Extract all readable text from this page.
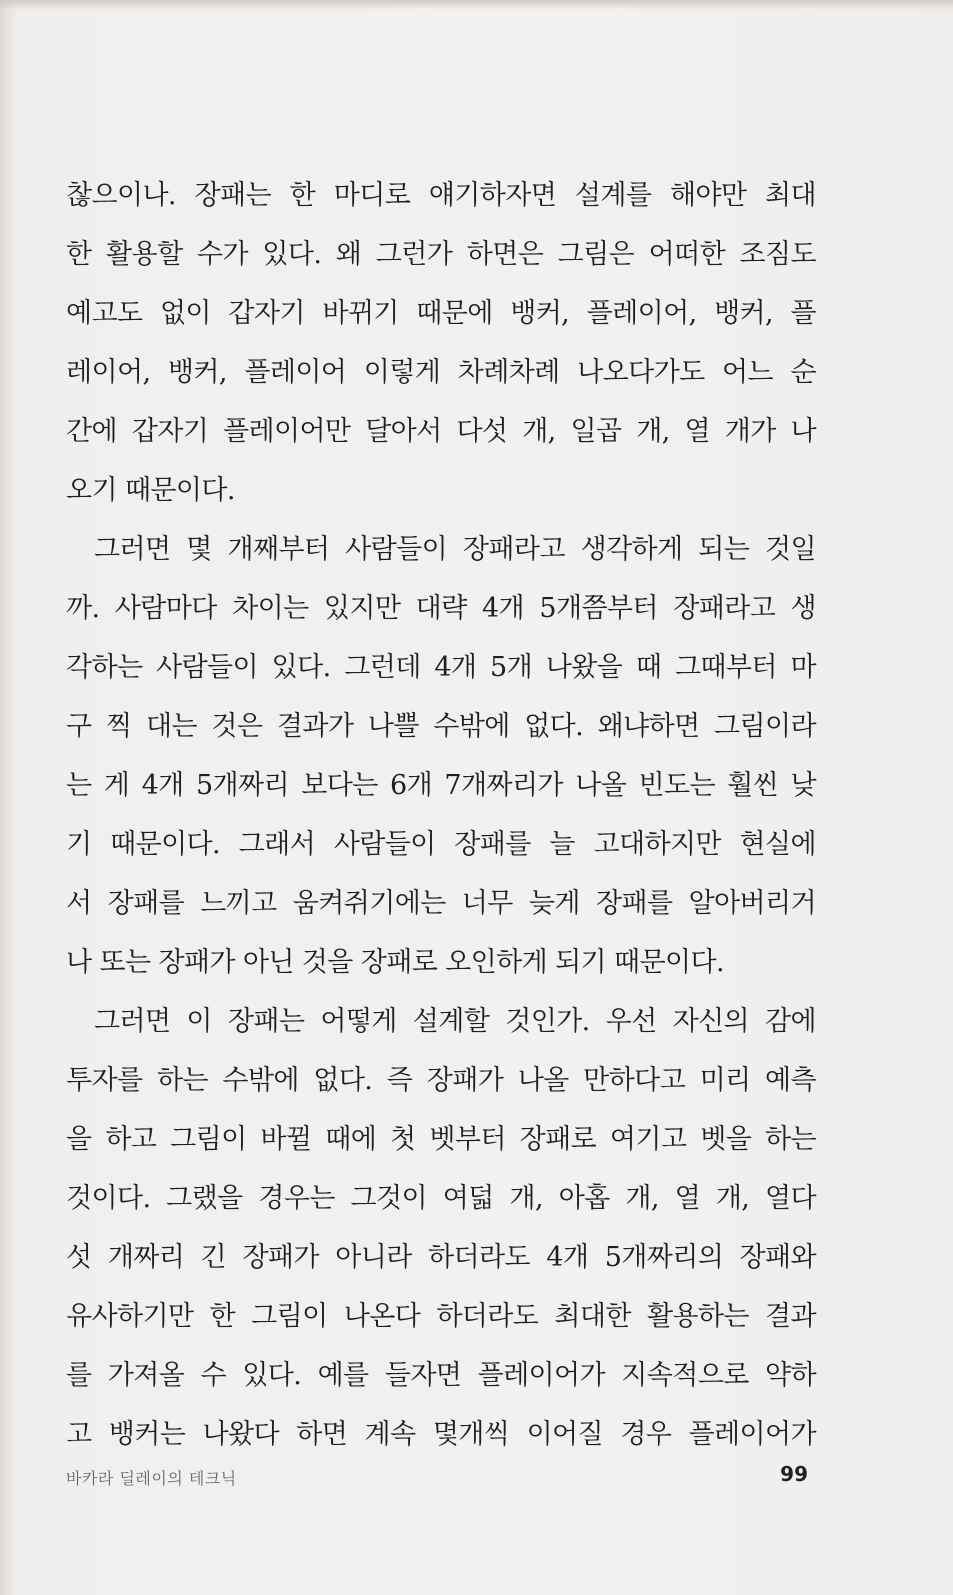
찮으이나. 장패는 한 마디로 얘기하자면 설계를 해야만 최대
한 활용할 수가 있다. 왜 그런가 하면은 그림은 어떠한 조짐도
예고도 없이 갑자기 바뀌기 때문에 뱅커, 플레이어, 뱅커, 플
레이어, 뱅커, 플레이어 이렇게 차례차례 나오다가도 어느 순
간에 갑자기 플레이어만 달아서 다섯 개, 일곱 개, 열 개가 나
오기 때문이다.
그러면 몇 개째부터 사람들이 장패라고 생각하게 되는 것일
까. 사람마다 차이는 있지만 대략 4개 5개쯤부터 장패라고 생
각하는 사람들이 있다. 그런데 4개 5개 나왔을 때 그때부터 마
구 찍 대는 것은 결과가 나쁠 수밖에 없다. 왜냐하면 그림이라
는 게 4개 5개짜리 보다는 6개 7개짜리가 나올 빈도는 훨씬 낮
기 때문이다. 그래서 사람들이 장패를 늘 고대하지만 현실에
서 장패를 느끼고 움켜쥐기에는 너무 늦게 장패를 알아버리거
나 또는 장패가 아닌 것을 장패로 오인하게 되기 때문이다.
그러면 이 장패는 어떻게 설계할 것인가. 우선 자신의 감에
투자를 하는 수밖에 없다. 즉 장패가 나올 만하다고 미리 예측
을 하고 그림이 바뀔 때에 첫 벳부터 장패로 여기고 벳을 하는
것이다. 그랬을 경우는 그것이 여덟 개, 아홉 개, 열 개, 열다
섯 개짜리 긴 장패가 아니라 하더라도 4개 5개짜리의 장패와
유사하기만 한 그림이 나온다 하더라도 최대한 활용하는 결과
를 가져올 수 있다. 예를 들자면 플레이어가 지속적으로 약하
고 뱅커는 나왔다 하면 계속 몇개씩 이어질 경우 플레이어가
바카라 딜레이의 테크닉	99
